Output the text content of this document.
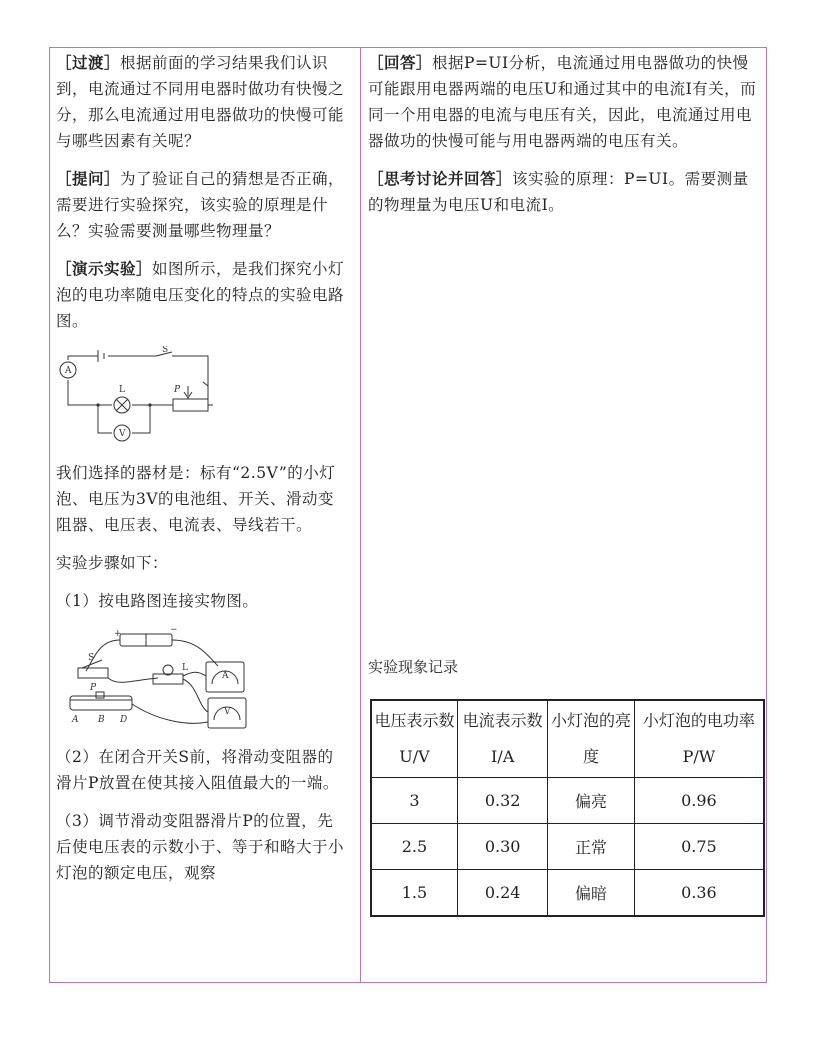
［过渡］根据前面的学习结果我们认识到，电流通过不同用电器时做功有快慢之分，那么电流通过用电器做功的快慢可能与哪些因素有关呢？

［提问］为了验证自己的猜想是否正确，需要进行实验探究，该实验的原理是什么？实验需要测量哪些物理量？

［演示实验］如图所示，是我们探究小灯泡的电功率随电压变化的特点的实验电路图。

S
A
L	P
V

我们选择的器材是：标有“2.5V”的小灯泡、电压为3V的电池组、开关、滑动变阻器、电压表、电流表、导线若干。

实验步骤如下：

（1）按电路图连接实物图。

+	−
S
P
A B D
L
A
V

（2）在闭合开关S前，将滑动变阻器的滑片P放置在使其接入阻值最大的一端。

（3）调节滑动变阻器滑片P的位置，先后使电压表的示数小于、等于和略大于小灯泡的额定电压，观察

［回答］根据P=UI分析，电流通过用电器做功的快慢可能跟用电器两端的电压U和通过其中的电流I有关，而同一个用电器的电流与电压有关，因此，电流通过用电器做功的快慢可能与用电器两端的电压有关。

［思考讨论并回答］该实验的原理：P=UI。需要测量的物理量为电压U和电流I。

实验现象记录
电压表示数U/V	电流表示数I/A	小灯泡的亮度	小灯泡的电功率P/W
3	0.32	偏亮	0.96
2.5	0.30	正常	0.75
1.5	0.24	偏暗	0.36
